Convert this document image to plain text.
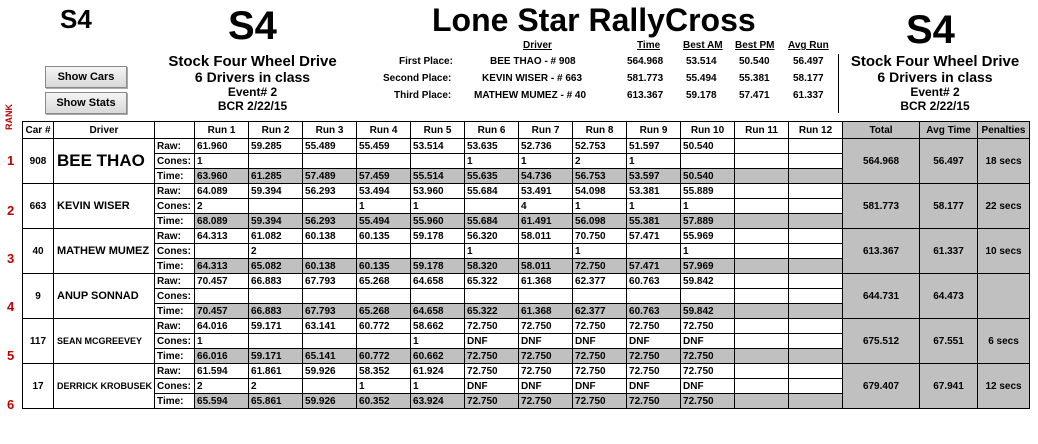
S4	S4	Lone Star RallyCross	S4
Stock Four Wheel Drive
6 Drivers in class
Event# 2
BCR 2/22/15
Stock Four Wheel Drive
6 Drivers in class
Event# 2
BCR 2/22/15
Show Cars
Show Stats
Driver	Time Best AM Best PM Avg Run
First Place:	BEE THAO - # 908	564.968 53.514 50.540 56.497
Second Place:	KEVIN WISER - # 663	581.773 55.494 55.381 58.177
Third Place: MATHEW MUMEZ - # 40	613.367 59.178 57.471 61.337
RANK
1
2
3
4
5
6
Car #	Driver		Run 1	Run 2	Run 3	Run 4	Run 5	Run 6	Run 7	Run 8	Run 9	Run 10	Run 11	Run 12	Total	Avg Time	Penalties
908	BEE THAO	Raw:	61.960	59.285	55.489	55.459	53.514	53.635	52.736	52.753	51.597	50.540			564.968	56.497	18 secs
		Cones:	1					1	1	2	1						
		Time:	63.960	61.285	57.489	57.459	55.514	55.635	54.736	56.753	53.597	50.540					
663	KEVIN WISER	Raw:	64.089	59.394	56.293	53.494	53.960	55.684	53.491	54.098	53.381	55.889			581.773	58.177	22 secs
		Cones:	2			1	1		4	1	1	1					
		Time:	68.089	59.394	56.293	55.494	55.960	55.684	61.491	56.098	55.381	57.889					
40	MATHEW MUMEZ	Raw:	64.313	61.082	60.138	60.135	59.178	56.320	58.011	70.750	57.471	55.969			613.367	61.337	10 secs
		Cones:		2				1		1		1					
		Time:	64.313	65.082	60.138	60.135	59.178	58.320	58.011	72.750	57.471	57.969					
9	ANUP SONNAD	Raw:	70.457	66.883	67.793	65.268	64.658	65.322	61.368	62.377	60.763	59.842			644.731	64.473	
		Cones:															
		Time:	70.457	66.883	67.793	65.268	64.658	65.322	61.368	62.377	60.763	59.842					
117	SEAN MCGREEVEY	Raw:	64.016	59.171	63.141	60.772	58.662	72.750	72.750	72.750	72.750	72.750			675.512	67.551	6 secs
		Cones:	1				1	DNF	DNF	DNF	DNF	DNF					
		Time:	66.016	59.171	65.141	60.772	60.662	72.750	72.750	72.750	72.750	72.750					
17	DERRICK KROBUSEK	Raw:	61.594	61.861	59.926	58.352	61.924	72.750	72.750	72.750	72.750	72.750			679.407	67.941	12 secs
		Cones:	2	2		1	1	DNF	DNF	DNF	DNF	DNF					
		Time:	65.594	65.861	59.926	60.352	63.924	72.750	72.750	72.750	72.750	72.750					
